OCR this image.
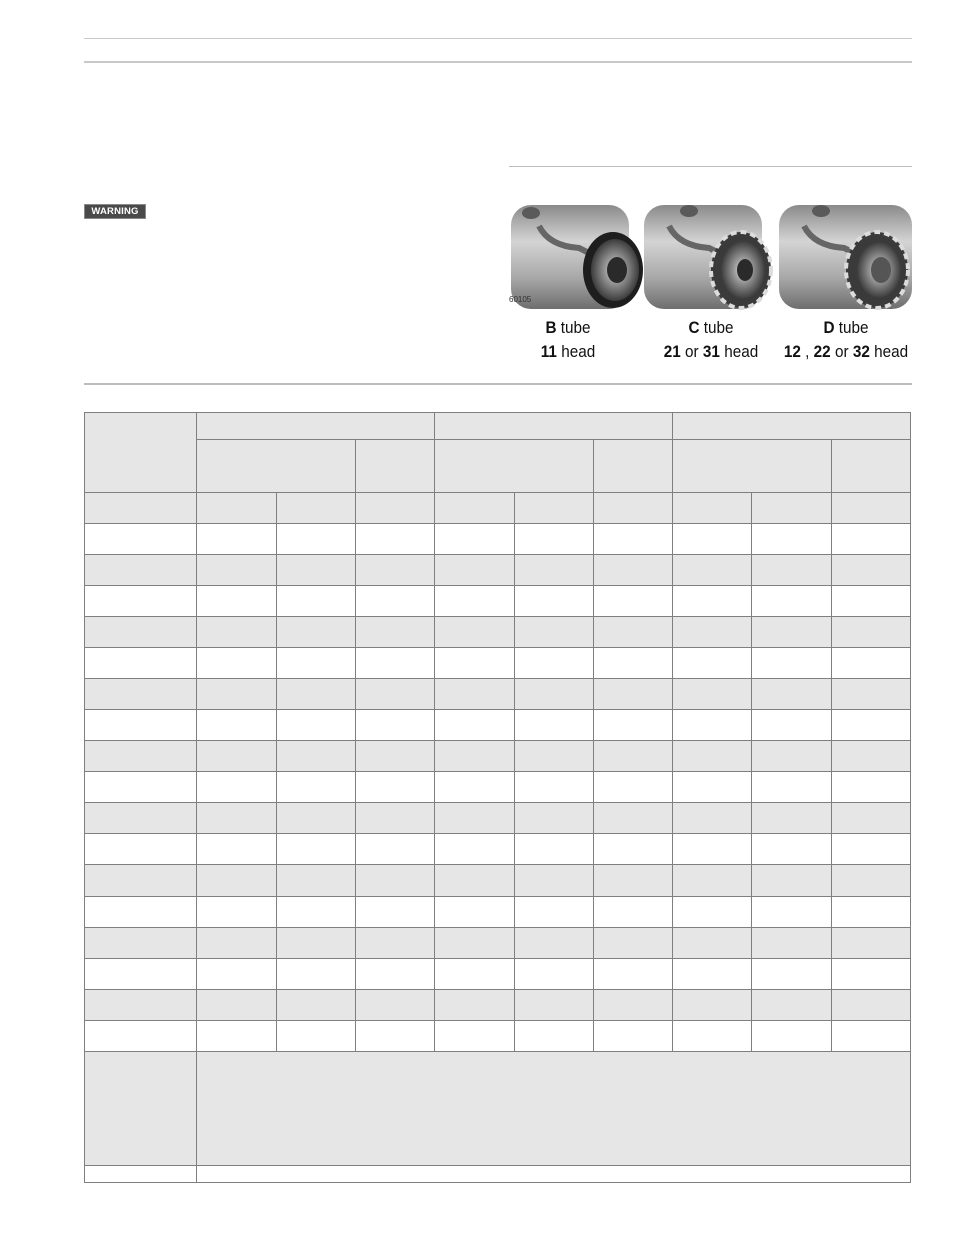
WARNING
60105
B tube
11 head
C tube
21 or 31 head
D tube
12 , 22 or 32 head
